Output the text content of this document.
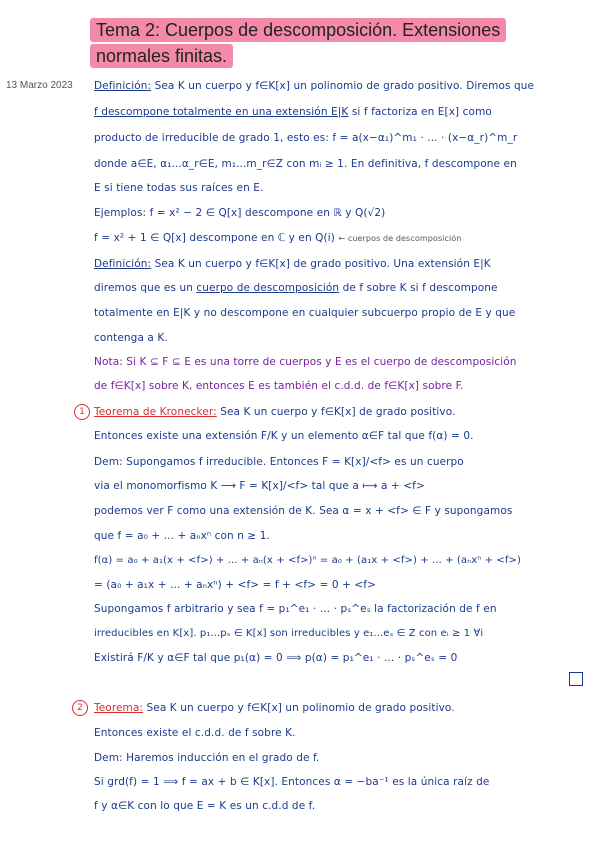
Tema 2: Cuerpos de descomposición. Extensiones
normales finitas.
13 Marzo 2023 Definición: Sea K un cuerpo y f∈K[x] un polinomio de grado positivo. Diremos que
f descompone totalmente en una extensión E|K si f factoriza en E[x] como
producto de irreducible de grado 1, esto es: f = a(x−α₁)^m₁ · ... · (x−α_r)^m_r
donde a∈E, α₁...α_r∈E, m₁...m_r∈Z con mᵢ ≥ 1. En definitiva, f descompone en
E si tiene todas sus raíces en E.
Ejemplos: f = x² − 2 ∈ Q[x] descompone en ℝ y Q(√2)
f = x² + 1 ∈ Q[x] descompone en ℂ y en Q(i) ← cuerpos de descomposición
Definición: Sea K un cuerpo y f∈K[x] de grado positivo. Una extensión E|K
diremos que es un cuerpo de descomposición de f sobre K si f descompone
totalmente en E|K y no descompone en cualquier subcuerpo propio de E y que
contenga a K.
Nota: Si K ⊆ F ⊆ E es una torre de cuerpos y E es el cuerpo de descomposición
de f∈K[x] sobre K, entonces E es también el c.d.d. de f∈K[x] sobre F.
1 Teorema de Kronecker: Sea K un cuerpo y f∈K[x] de grado positivo.
Entonces existe una extensión F/K y un elemento α∈F tal que f(α) = 0.
Dem: Supongamos f irreducible. Entonces F = K[x]/<f> es un cuerpo
via el monomorfismo K ⟶ F = K[x]/<f> tal que a ⟼ a + <f>
podemos ver F como una extensión de K. Sea α = x + <f> ∈ F y supongamos
que f = a₀ + ... + aₙxⁿ con n ≥ 1.
f(α) = a₀ + a₁(x + <f>) + ... + aₙ(x + <f>)ⁿ = a₀ + (a₁x + <f>) + ... + (aₙxⁿ + <f>)
= (a₀ + a₁x + ... + aₙxⁿ) + <f> = f + <f> = 0 + <f>
Supongamos f arbitrario y sea f = p₁^e₁ · ... · pₛ^eₛ la factorización de f en
irreducibles en K[x]. p₁...pₛ ∈ K[x] son irreducibles y e₁...eₛ ∈ Z con eᵢ ≥ 1 ∀i
Existirá F/K y α∈F tal que p₁(α) = 0 ⟹ p(α) = p₁^e₁ · ... · pₛ^eₛ = 0
2	Teorema: Sea K un cuerpo y f∈K[x] un polinomio de grado positivo.
Entonces existe el c.d.d. de f sobre K.
Dem: Haremos inducción en el grado de f.
Si grd(f) = 1 ⟹ f = ax + b ∈ K[x]. Entonces α = −ba⁻¹ es la única raíz de
f y α∈K con lo que E = K es un c.d.d de f.
